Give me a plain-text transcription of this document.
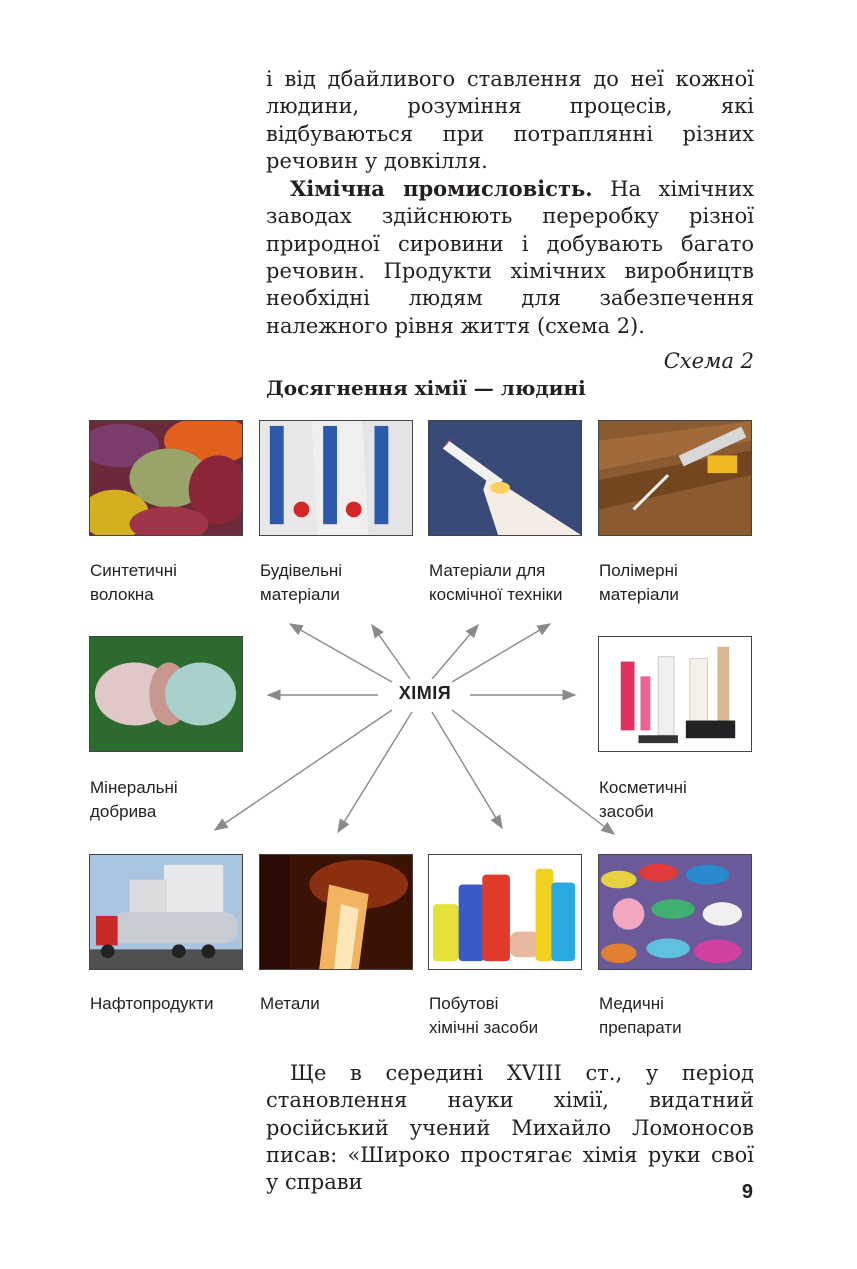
і від дбайливого ставлення до неї кожної людини, розуміння процесів, які відбуваються при потраплянні різних речовин у довкілля.

Хімічна промисловість. На хімічних заводах здійснюють переробку різної природної сировини і добувають багато речовин. Продукти хімічних виробництв необхідні людям для забезпечення належного рівня життя (схема 2).

Схема 2
Досягнення хімії — людині
ХІМІЯ
Синтетичні
волокна
Будівельні
матеріали
Матеріали для
космічної техніки
Полімерні
матеріали
Мінеральні
добрива
Косметичні
засоби
Нафтопродукти	Метали	Побутові
хімічні засоби
Медичні
препарати

Ще в середині XVIII ст., у період становлення науки хімії, видатний російський учений Михайло Ломоносов писав: «Широко простягає хімія руки свої у справи	9
